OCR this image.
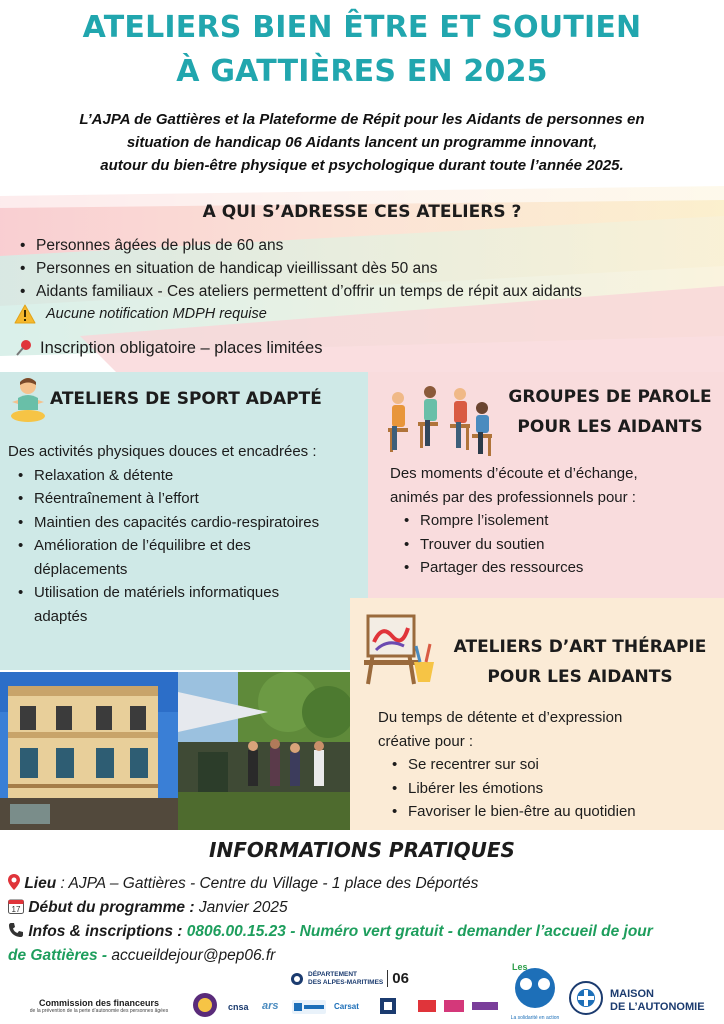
ATELIERS BIEN ÊTRE ET SOUTIEN
À GATTIÈRES EN 2025
L’AJPA de Gattières et la Plateforme de Répit pour les Aidants de personnes en
situation de handicap 06 Aidants lancent un programme innovant,
autour du bien-être physique et psychologique durant toute l’année 2025.
A QUI S’ADRESSE CES ATELIERS ?
• Personnes âgées de plus de 60 ans
• Personnes en situation de handicap vieillissant dès 50 ans
• Aidants familiaux - Ces ateliers permettent d’offrir un temps de répit aux aidants
Aucune notification MDPH requise
Inscription obligatoire – places limitées
ATELIERS DE SPORT ADAPTÉ
Des activités physiques douces et encadrées :
• Relaxation & détente
• Réentraînement à l’effort
• Maintien des capacités cardio-respiratoires
• Amélioration de l’équilibre et des déplacements
• Utilisation de matériels informatiques adaptés
GROUPES DE PAROLE
POUR LES AIDANTS
Des moments d’écoute et d’échange,
animés par des professionnels pour :
• Rompre l’isolement
• Trouver du soutien
• Partager des ressources
ATELIERS D’ART THÉRAPIE
POUR LES AIDANTS
Du temps de détente et d’expression
créative pour :
• Se recentrer sur soi
• Libérer les émotions
• Favoriser le bien-être au quotidien
INFORMATIONS PRATIQUES
Lieu : AJPA – Gattières - Centre du Village - 1 place des Déportés
17 Début du programme : Janvier 2025
Infos & inscriptions : 0806.00.15.23 - Numéro vert gratuit - demander l’accueil de jour
de Gattières - accueildejour@pep06.fr
DÉPARTEMENT
DES ALPES-MARITIMES 06
Commission des financeurs
de la prévention de la perte d’autonomie des personnes âgées	cnsa ars	Carsat
Les
La solidarité en action
MAISON
DE L’AUTONOMIE
